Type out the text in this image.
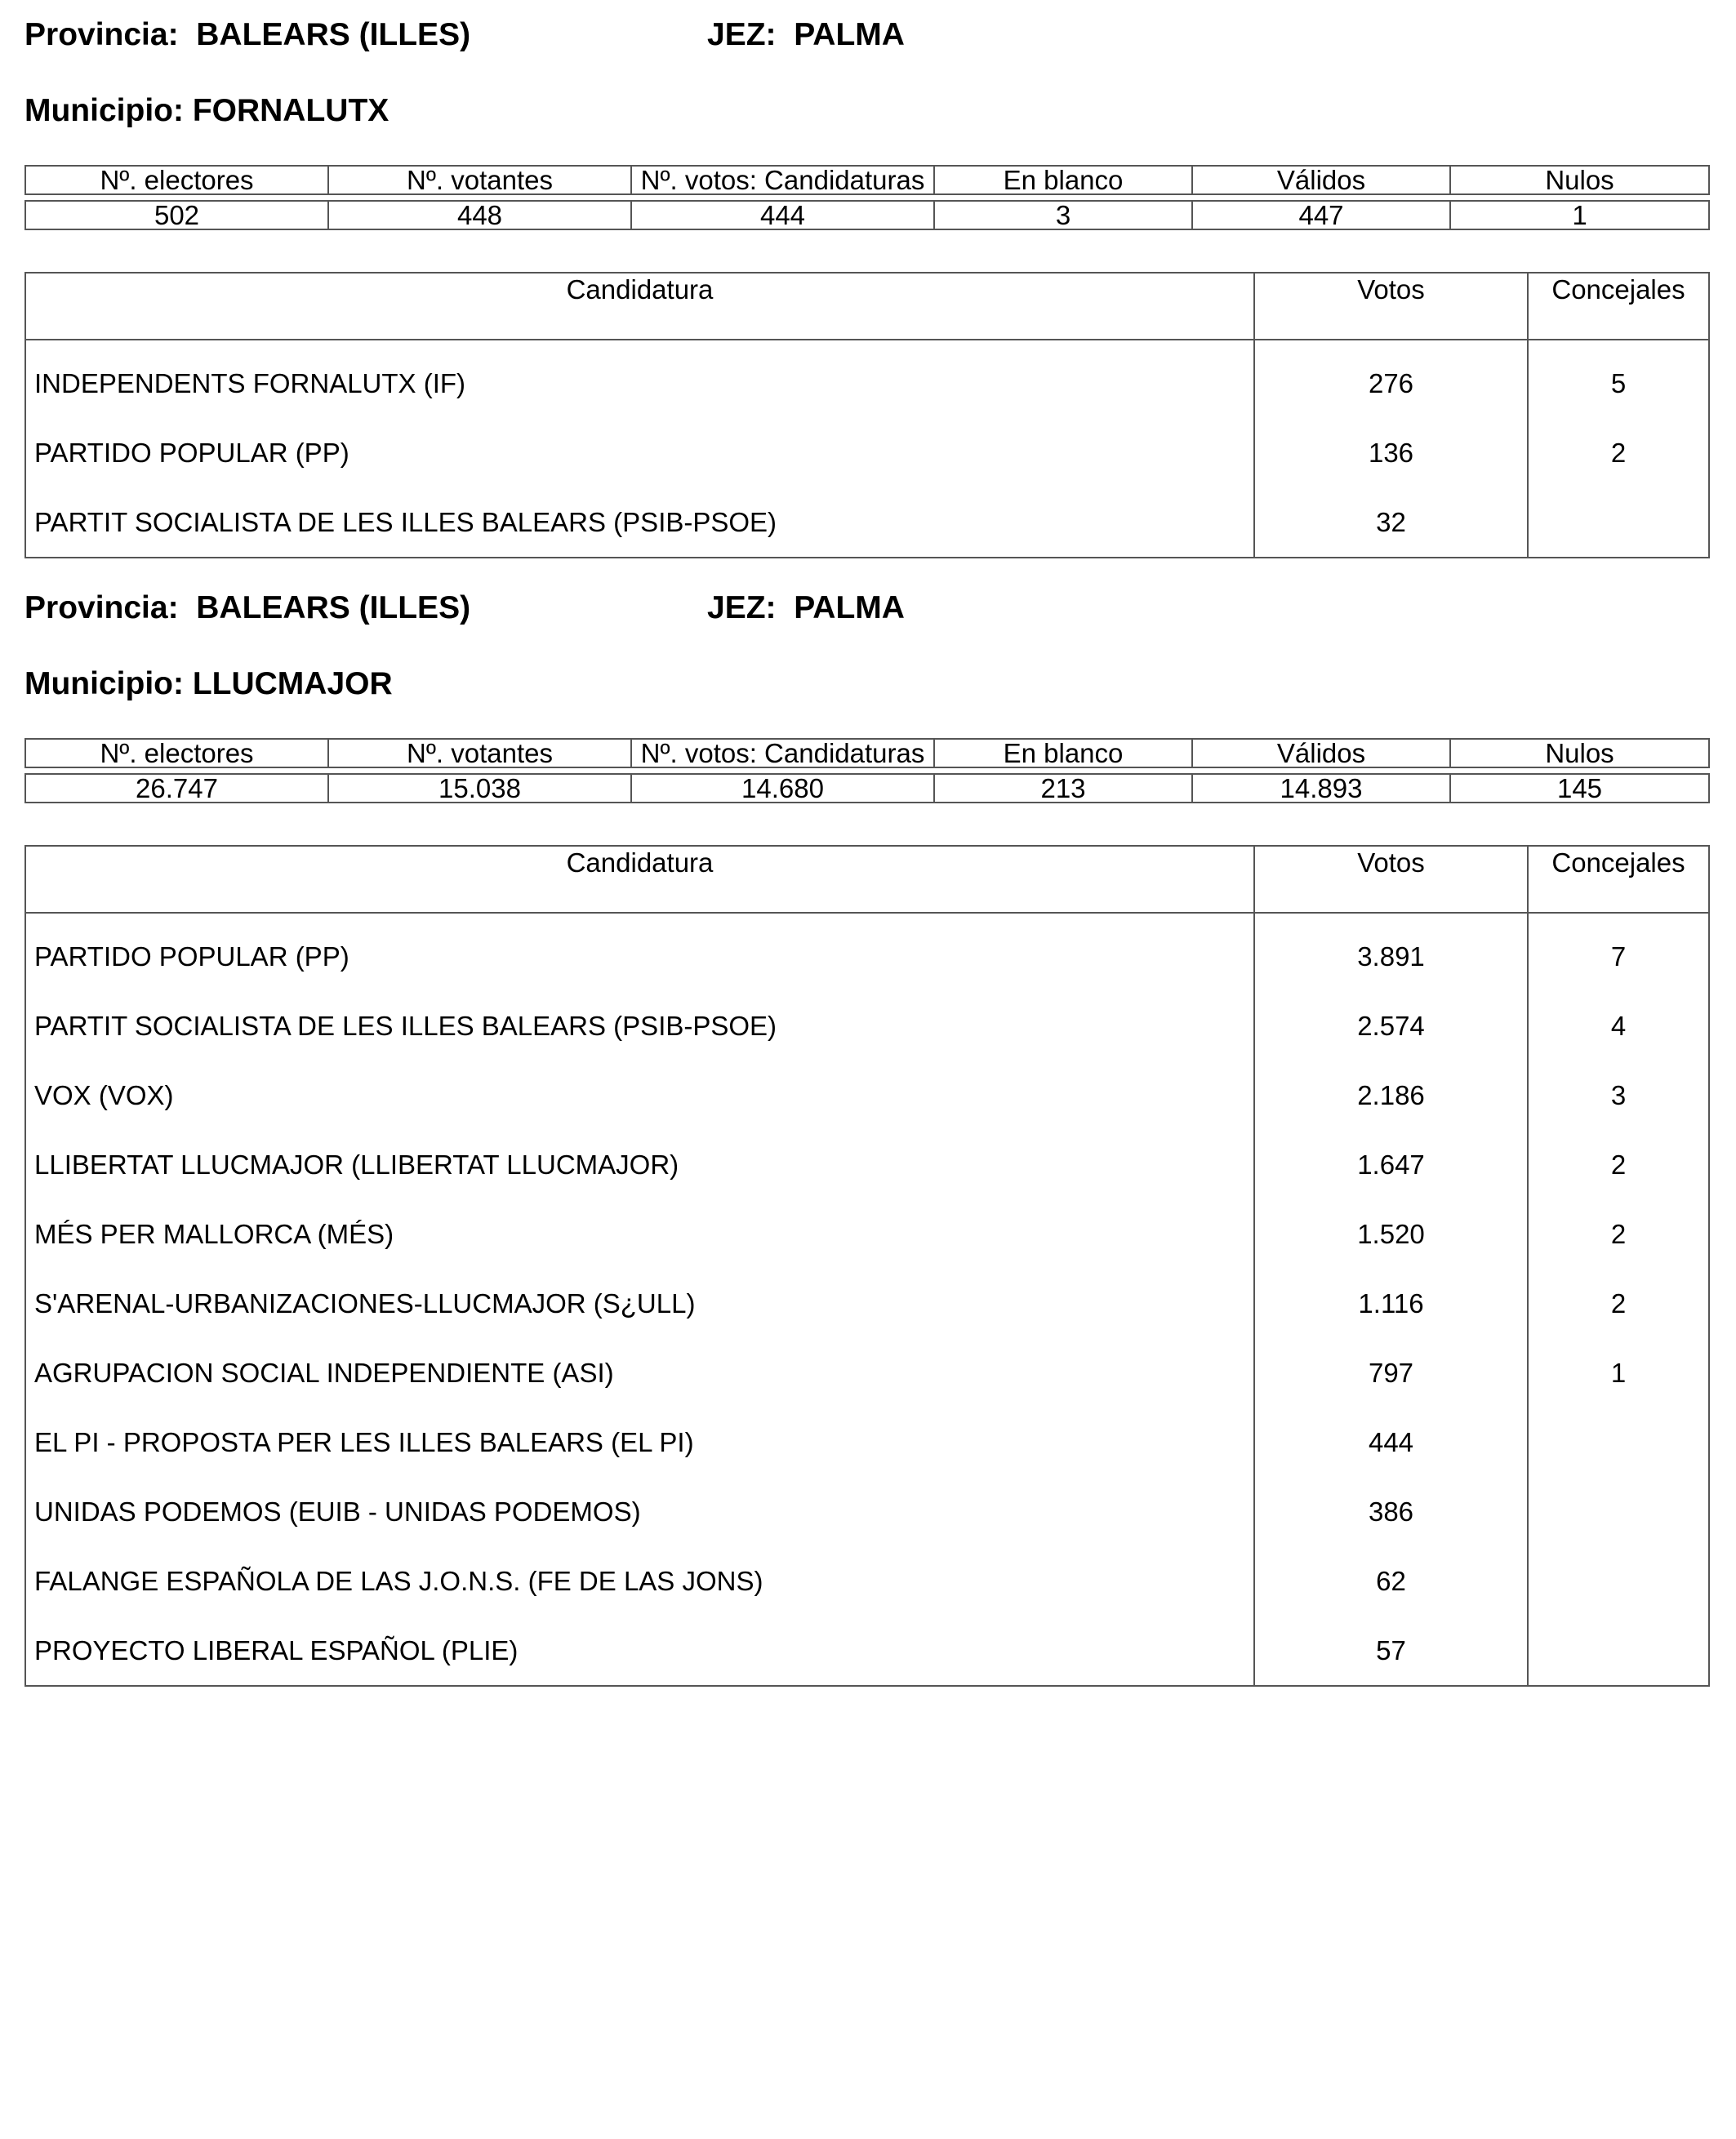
Provincia: BALEARS (ILLES)	JEZ: PALMA
Municipio: FORNALUTX
Nº. electores	Nº. votantes	Nº. votos: Candidaturas	En blanco	Válidos	Nulos

502	448	444	3	447	1
Candidatura	Votos	Concejales

INDEPENDENTS FORNALUTX (IF)	276	5
PARTIDO POPULAR (PP)	136	2
PARTIT SOCIALISTA DE LES ILLES BALEARS (PSIB-PSOE)	32	
Provincia: BALEARS (ILLES)	JEZ: PALMA
Municipio: LLUCMAJOR
Nº. electores	Nº. votantes	Nº. votos: Candidaturas	En blanco	Válidos	Nulos

26.747	15.038	14.680	213	14.893	145
Candidatura	Votos	Concejales

PARTIDO POPULAR (PP)	3.891	7
PARTIT SOCIALISTA DE LES ILLES BALEARS (PSIB-PSOE)	2.574	4
VOX (VOX)	2.186	3
LLIBERTAT LLUCMAJOR (LLIBERTAT LLUCMAJOR)	1.647	2
MÉS PER MALLORCA (MÉS)	1.520	2
S'ARENAL-URBANIZACIONES-LLUCMAJOR (S¿ULL)	1.116	2
AGRUPACION SOCIAL INDEPENDIENTE (ASI)	797	1
EL PI - PROPOSTA PER LES ILLES BALEARS (EL PI)	444	
UNIDAS PODEMOS (EUIB - UNIDAS PODEMOS)	386	
FALANGE ESPAÑOLA DE LAS J.O.N.S. (FE DE LAS JONS)	62	
PROYECTO LIBERAL ESPAÑOL (PLIE)	57	
